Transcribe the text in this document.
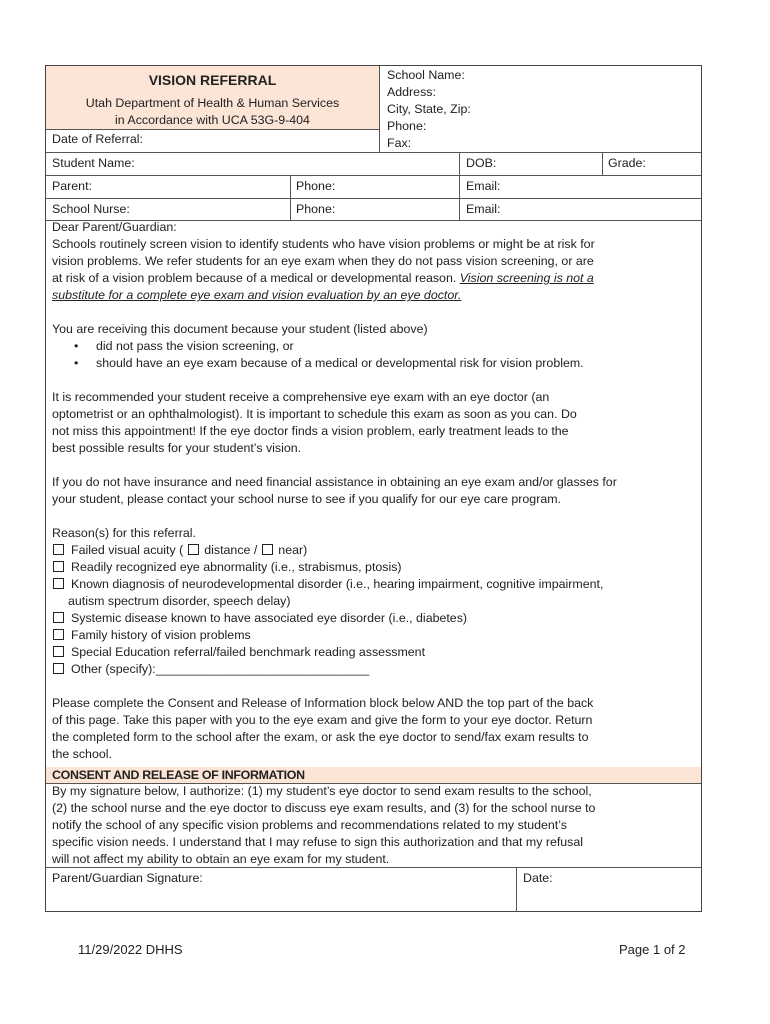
VISION REFERRAL
Utah Department of Health & Human Services
in Accordance with UCA 53G-9-404
Date of Referral:
School Name:
Address:
City, State, Zip:
Phone:
Fax:
Student Name:	DOB:	Grade:
Parent:	Phone:	Email:
School Nurse:	Phone:	Email:

Dear Parent/Guardian:

Schools routinely screen vision to identify students who have vision problems or might be at risk for

vision problems. We refer students for an eye exam when they do not pass vision screening, or are

at risk of a vision problem because of a medical or developmental reason. Vision screening is not a

substitute for a complete eye exam and vision evaluation by an eye doctor.

You are receiving this document because your student (listed above)

• did not pass the vision screening, or

• should have an eye exam because of a medical or developmental risk for vision problem.

It is recommended your student receive a comprehensive eye exam with an eye doctor (an

optometrist or an ophthalmologist). It is important to schedule this exam as soon as you can. Do

not miss this appointment! If the eye doctor finds a vision problem, early treatment leads to the

best possible results for your student’s vision.

If you do not have insurance and need financial assistance in obtaining an eye exam and/or glasses for

your student, please contact your school nurse to see if you qualify for our eye care program.

Reason(s) for this referral.

Failed visual acuity ( distance / near)

Readily recognized eye abnormality (i.e., strabismus, ptosis)

Known diagnosis of neurodevelopmental disorder (i.e., hearing impairment, cognitive impairment,

autism spectrum disorder, speech delay)

Systemic disease known to have associated eye disorder (i.e., diabetes)

Family history of vision problems

Special Education referral/failed benchmark reading assessment

Other (specify):_______________________________

Please complete the Consent and Release of Information block below AND the top part of the back

of this page. Take this paper with you to the eye exam and give the form to your eye doctor. Return

the completed form to the school after the exam, or ask the eye doctor to send/fax exam results to

the school.

CONSENT AND RELEASE OF INFORMATION

By my signature below, I authorize: (1) my student’s eye doctor to send exam results to the school,

(2) the school nurse and the eye doctor to discuss eye exam results, and (3) for the school nurse to

notify the school of any specific vision problems and recommendations related to my student’s

specific vision needs. I understand that I may refuse to sign this authorization and that my refusal

will not affect my ability to obtain an eye exam for my student.

Parent/Guardian Signature:	Date:
11/29/2022 DHHS	Page 1 of 2
